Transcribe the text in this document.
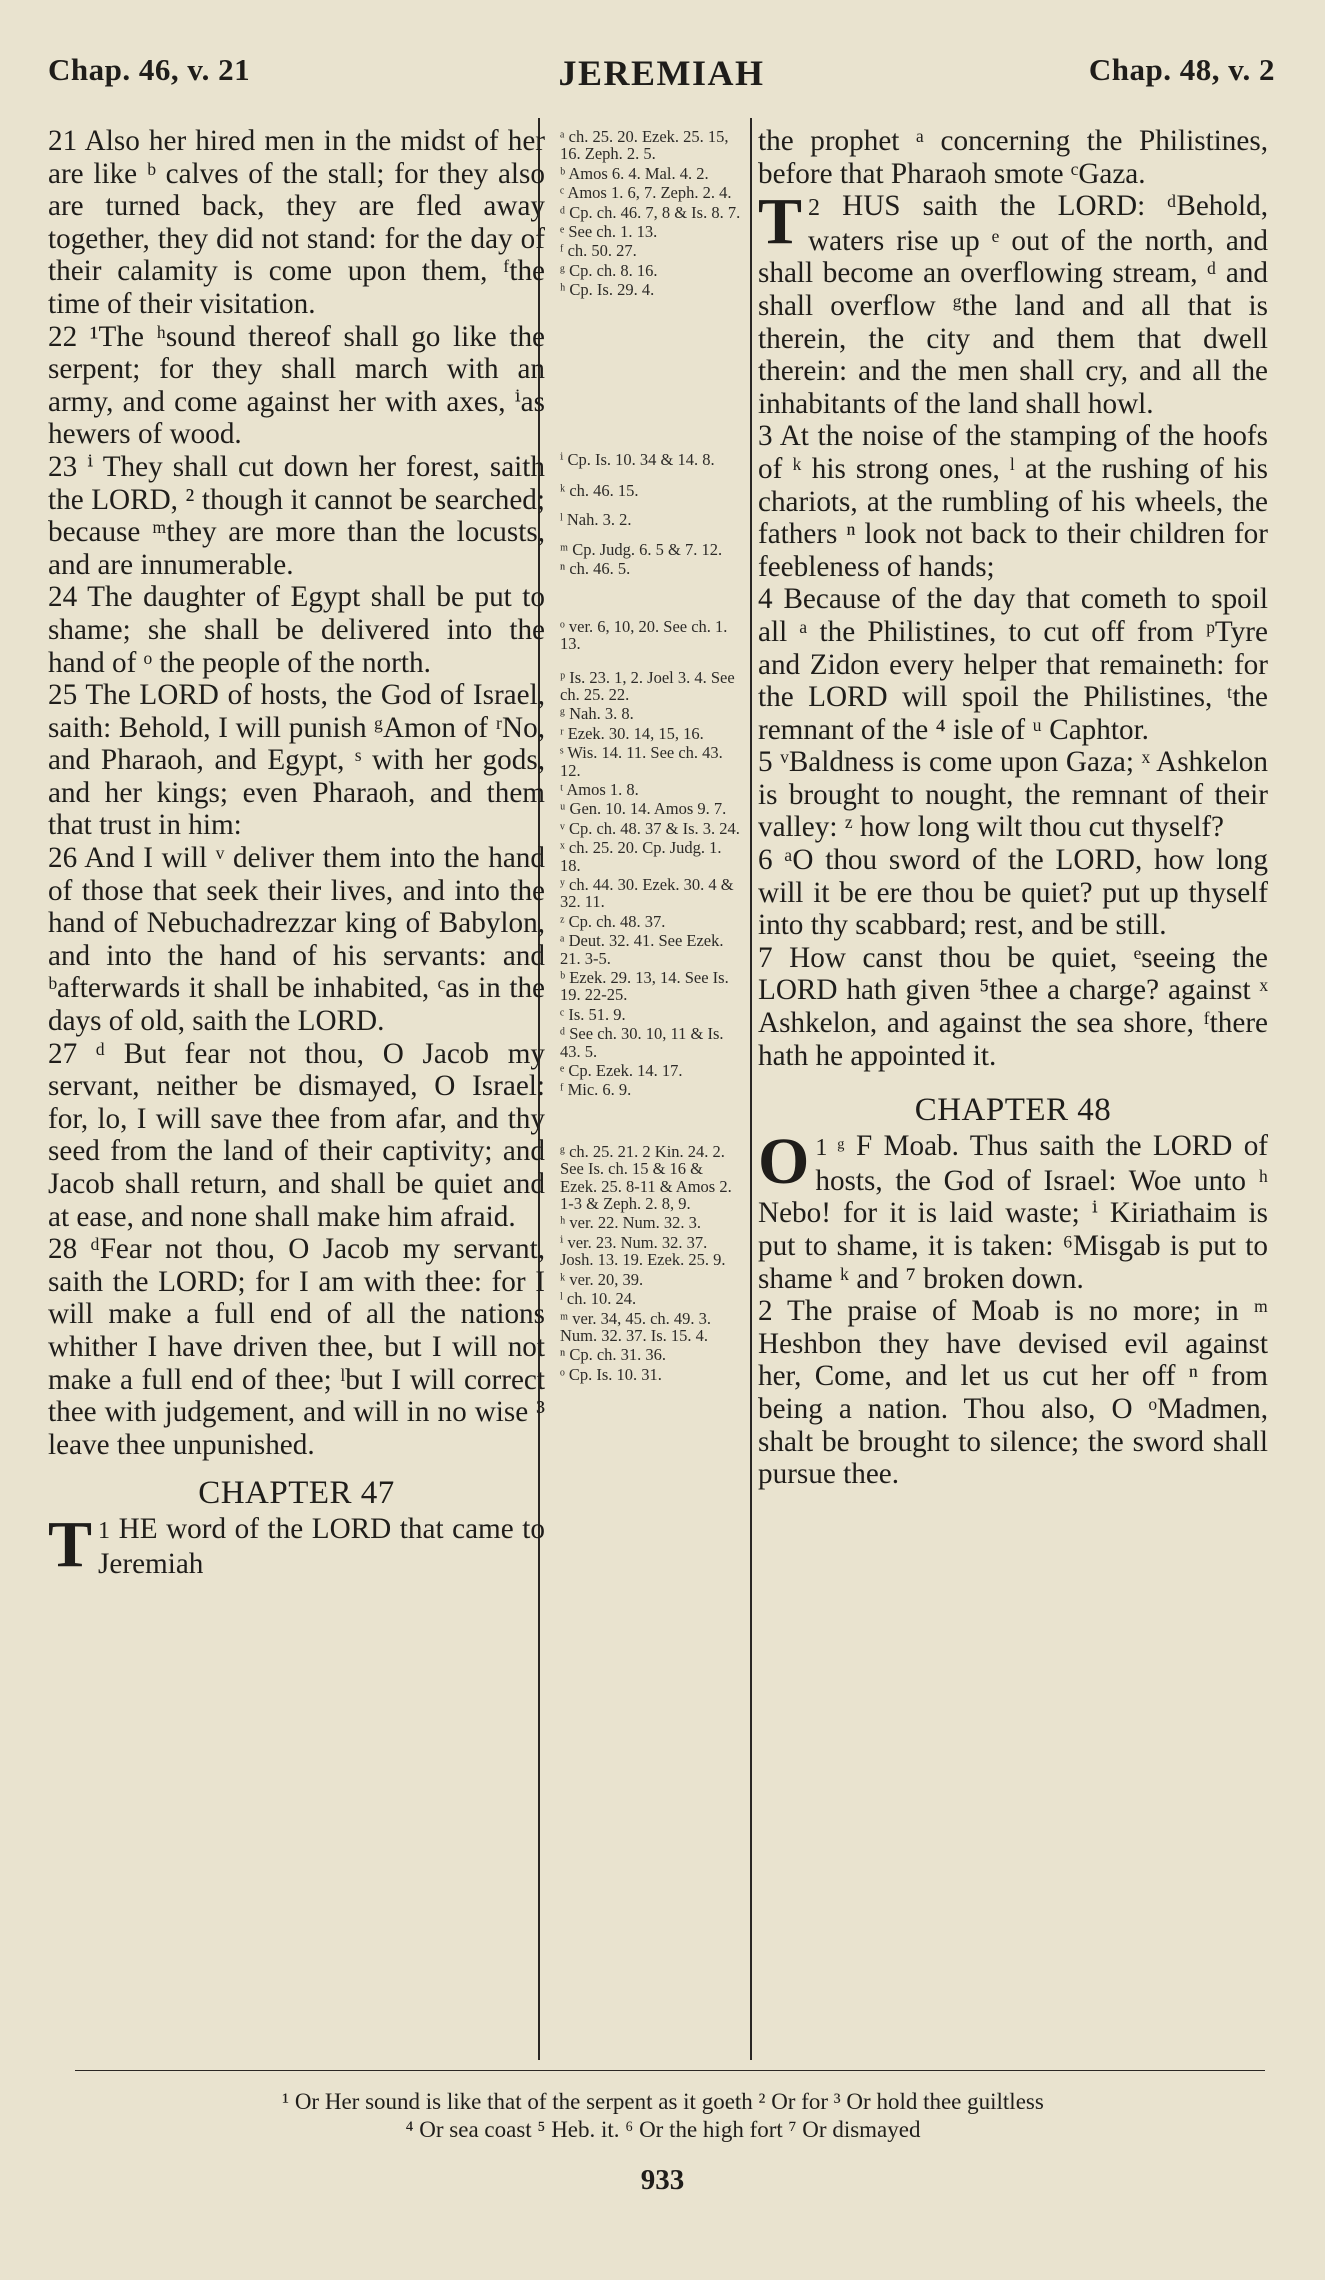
Chap. 46, v. 21	JEREMIAH	Chap. 48, v. 2

21 Also her hired men in the midst of her are like ᵇ calves of the stall; for they also are turned back, they are fled away together, they did not stand: for the day of their calamity is come upon them, ᶠthe time of their visitation.

22 ¹The ʰsound thereof shall go like the serpent; for they shall march with an army, and come against her with axes, ⁱas hewers of wood.

23 ⁱ They shall cut down her forest, saith the LORD, ² though it cannot be searched; because ᵐthey are more than the locusts, and are innumerable.

24 The daughter of Egypt shall be put to shame; she shall be delivered into the hand of ᵒ the people of the north.

25 The LORD of hosts, the God of Israel, saith: Behold, I will punish ᵍAmon of ʳNo, and Pharaoh, and Egypt, ˢ with her gods, and her kings; even Pharaoh, and them that trust in him:

26 And I will ᵛ deliver them into the hand of those that seek their lives, and into the hand of Nebuchadrezzar king of Babylon, and into the hand of his servants: and ᵇafterwards it shall be inhabited, ᶜas in the days of old, saith the LORD.

27 ᵈ But fear not thou, O Jacob my servant, neither be dismayed, O Israel: for, lo, I will save thee from afar, and thy seed from the land of their captivity; and Jacob shall return, and shall be quiet and at ease, and none shall make him afraid.

28 ᵈFear not thou, O Jacob my servant, saith the LORD; for I am with thee: for I will make a full end of all the nations whither I have driven thee, but I will not make a full end of thee; ˡbut I will correct thee with judgement, and will in no wise ³ leave thee unpunished.

CHAPTER 47

1
T HE word of the LORD that came to Jeremiah

ᵃ ch. 25. 20. Ezek. 25. 15, 16. Zeph. 2. 5.
ᵇ Amos 6. 4. Mal. 4. 2.
ᶜ Amos 1. 6, 7. Zeph. 2. 4.
ᵈ Cp. ch. 46. 7, 8 & Is. 8. 7.
ᵉ See ch. 1. 13.
ᶠ ch. 50. 27.
ᵍ Cp. ch. 8. 16.
ʰ Cp. Is. 29. 4.
ⁱ Cp. Is. 10. 34 & 14. 8.
ᵏ ch. 46. 15.
ˡ Nah. 3. 2.
ᵐ Cp. Judg. 6. 5 & 7. 12.
ⁿ ch. 46. 5.
ᵒ ver. 6, 10, 20. See ch. 1. 13.
ᵖ Is. 23. 1, 2. Joel 3. 4. See ch. 25. 22.
ᵍ Nah. 3. 8.
ʳ Ezek. 30. 14, 15, 16.
ˢ Wis. 14. 11. See ch. 43. 12.
ᵗ Amos 1. 8.
ᵘ Gen. 10. 14. Amos 9. 7.
ᵛ Cp. ch. 48. 37 & Is. 3. 24.
ˣ ch. 25. 20. Cp. Judg. 1. 18.
ʸ ch. 44. 30. Ezek. 30. 4 & 32. 11.
ᶻ Cp. ch. 48. 37.
ᵃ Deut. 32. 41. See Ezek. 21. 3-5.
ᵇ Ezek. 29. 13, 14. See Is. 19. 22-25.
ᶜ Is. 51. 9.
ᵈ See ch. 30. 10, 11 & Is. 43. 5.
ᵉ Cp. Ezek. 14. 17.
ᶠ Mic. 6. 9.
ᵍ ch. 25. 21. 2 Kin. 24. 2. See Is. ch. 15 & 16 & Ezek. 25. 8-11 & Amos 2. 1-3 & Zeph. 2. 8, 9.
ʰ ver. 22. Num. 32. 3.
ⁱ ver. 23. Num. 32. 37. Josh. 13. 19. Ezek. 25. 9.
ᵏ ver. 20, 39.
ˡ ch. 10. 24.
ᵐ ver. 34, 45. ch. 49. 3. Num. 32. 37. Is. 15. 4.
ⁿ Cp. ch. 31. 36.
ᵒ Cp. Is. 10. 31.

the prophet ᵃ concerning the Philistines, before that Pharaoh smote ᶜGaza.

2
T HUS saith the LORD: ᵈBehold, waters rise up ᵉ out of the north, and shall become an overflowing stream, ᵈ and shall overflow ᵍthe land and all that is therein, the city and them that dwell therein: and the men shall cry, and all the inhabitants of the land shall howl.

3 At the noise of the stamping of the hoofs of ᵏ his strong ones, ˡ at the rushing of his chariots, at the rumbling of his wheels, the fathers ⁿ look not back to their children for feebleness of hands;

4 Because of the day that cometh to spoil all ᵃ the Philistines, to cut off from ᵖTyre and Zidon every helper that remaineth: for the LORD will spoil the Philistines, ᵗthe remnant of the ⁴ isle of ᵘ Caphtor.

5 ᵛBaldness is come upon Gaza; ˣ Ashkelon is brought to nought, the remnant of their valley: ᶻ how long wilt thou cut thyself?

6 ᵃO thou sword of the LORD, how long will it be ere thou be quiet? put up thyself into thy scabbard; rest, and be still.

7 How canst thou be quiet, ᵉseeing the LORD hath given ⁵thee a charge? against ˣ Ashkelon, and against the sea shore, ᶠthere hath he appointed it.

CHAPTER 48

1 ᵍ
O F Moab. Thus saith the LORD of hosts, the God of Israel: Woe unto ʰ Nebo! for it is laid waste; ⁱ Kiriathaim is put to shame, it is taken: ⁶Misgab is put to shame ᵏ and ⁷ broken down.

2 The praise of Moab is no more; in ᵐ Heshbon they have devised evil against her, Come, and let us cut her off ⁿ from being a nation. Thou also, O ᵒMadmen, shalt be brought to silence; the sword shall pursue thee.

¹ Or Her sound is like that of the serpent as it goeth ² Or for ³ Or hold thee guiltless
⁴ Or sea coast ⁵ Heb. it. ⁶ Or the high fort ⁷ Or dismayed
933
